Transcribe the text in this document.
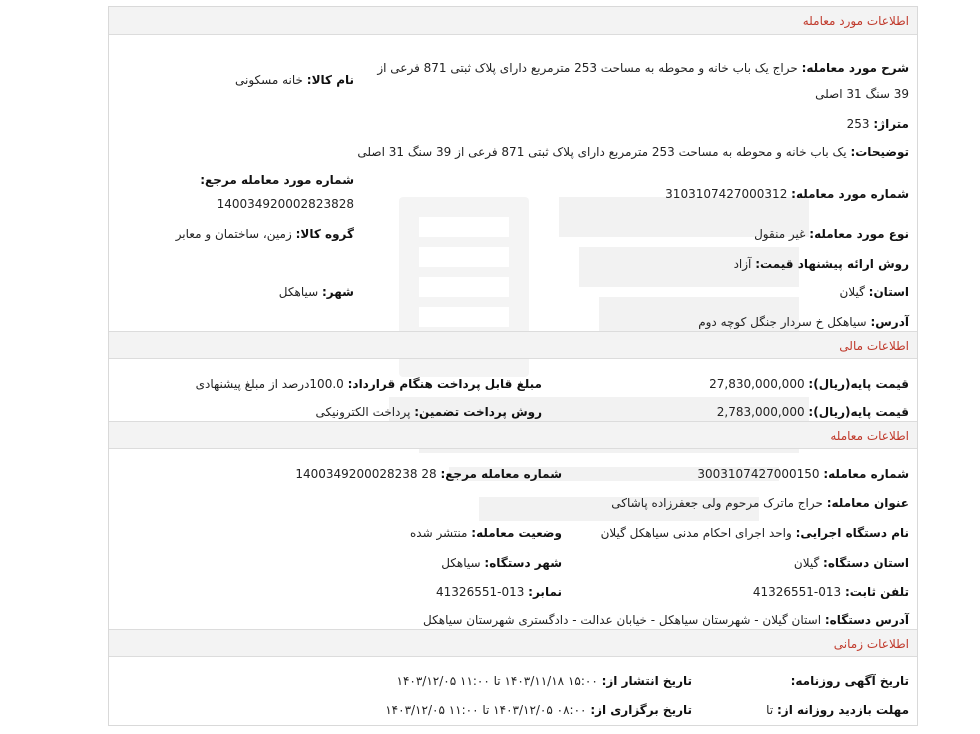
اطلاعات مورد معامله
شرح مورد معامله: حراج یک باب خانه و محوطه به مساحت 253 مترمربع دارای پلاک ثبتی 871 فرعی از
39 سنگ 31 اصلی
نام کالا: خانه مسکونی
متراژ: 253
توضیحات: یک باب خانه و محوطه به مساحت 253 مترمربع دارای پلاک ثبتی 871 فرعی از 39 سنگ 31 اصلی
شماره مورد معامله مرجع:
140034920002823828
شماره مورد معامله: 3103107427000312
گروه کالا: زمین، ساختمان و معابر	نوع مورد معامله: غیر منقول
روش ارائه پیشنهاد قیمت: آزاد
شهر: سیاهکل	استان: گیلان
آدرس: سیاهکل خ سردار جنگل کوچه دوم
اطلاعات مالی
قیمت پایه(ریال): 27,830,000,000
مبلغ قابل پرداخت هنگام قرارداد: 100.0درصد از مبلغ پیشنهادی
قیمت پایه(ریال): 2,783,000,000
روش پرداخت تضمین: پرداخت الکترونیکی
اطلاعات معامله
شماره معامله: 3003107427000150
شماره معامله مرجع: 1400349200028238 28
عنوان معامله: حراج ماترک مرحوم ولی جعفرزاده پاشاکی
نام دستگاه اجرایی: واحد اجرای احکام مدنی سیاهکل گیلان
وضعیت معامله: منتشر شده
استان دستگاه: گیلان
شهر دستگاه: سیاهکل
تلفن ثابت: 41326551-013
نمابر: 41326551-013
آدرس دستگاه: استان گیلان - شهرستان سیاهکل - خیابان عدالت - دادگستری شهرستان سیاهکل
اطلاعات زمانی
تاریخ آگهی روزنامه:
تاریخ انتشار از: ۱۵:۰۰ ۱۴۰۳/۱۱/۱۸ تا ۱۱:۰۰ ۱۴۰۳/۱۲/۰۵
مهلت بازدید روزانه از: تا
تاریخ برگزاری از: ۰۸:۰۰ ۱۴۰۳/۱۲/۰۵ تا ۱۱:۰۰ ۱۴۰۳/۱۲/۰۵
